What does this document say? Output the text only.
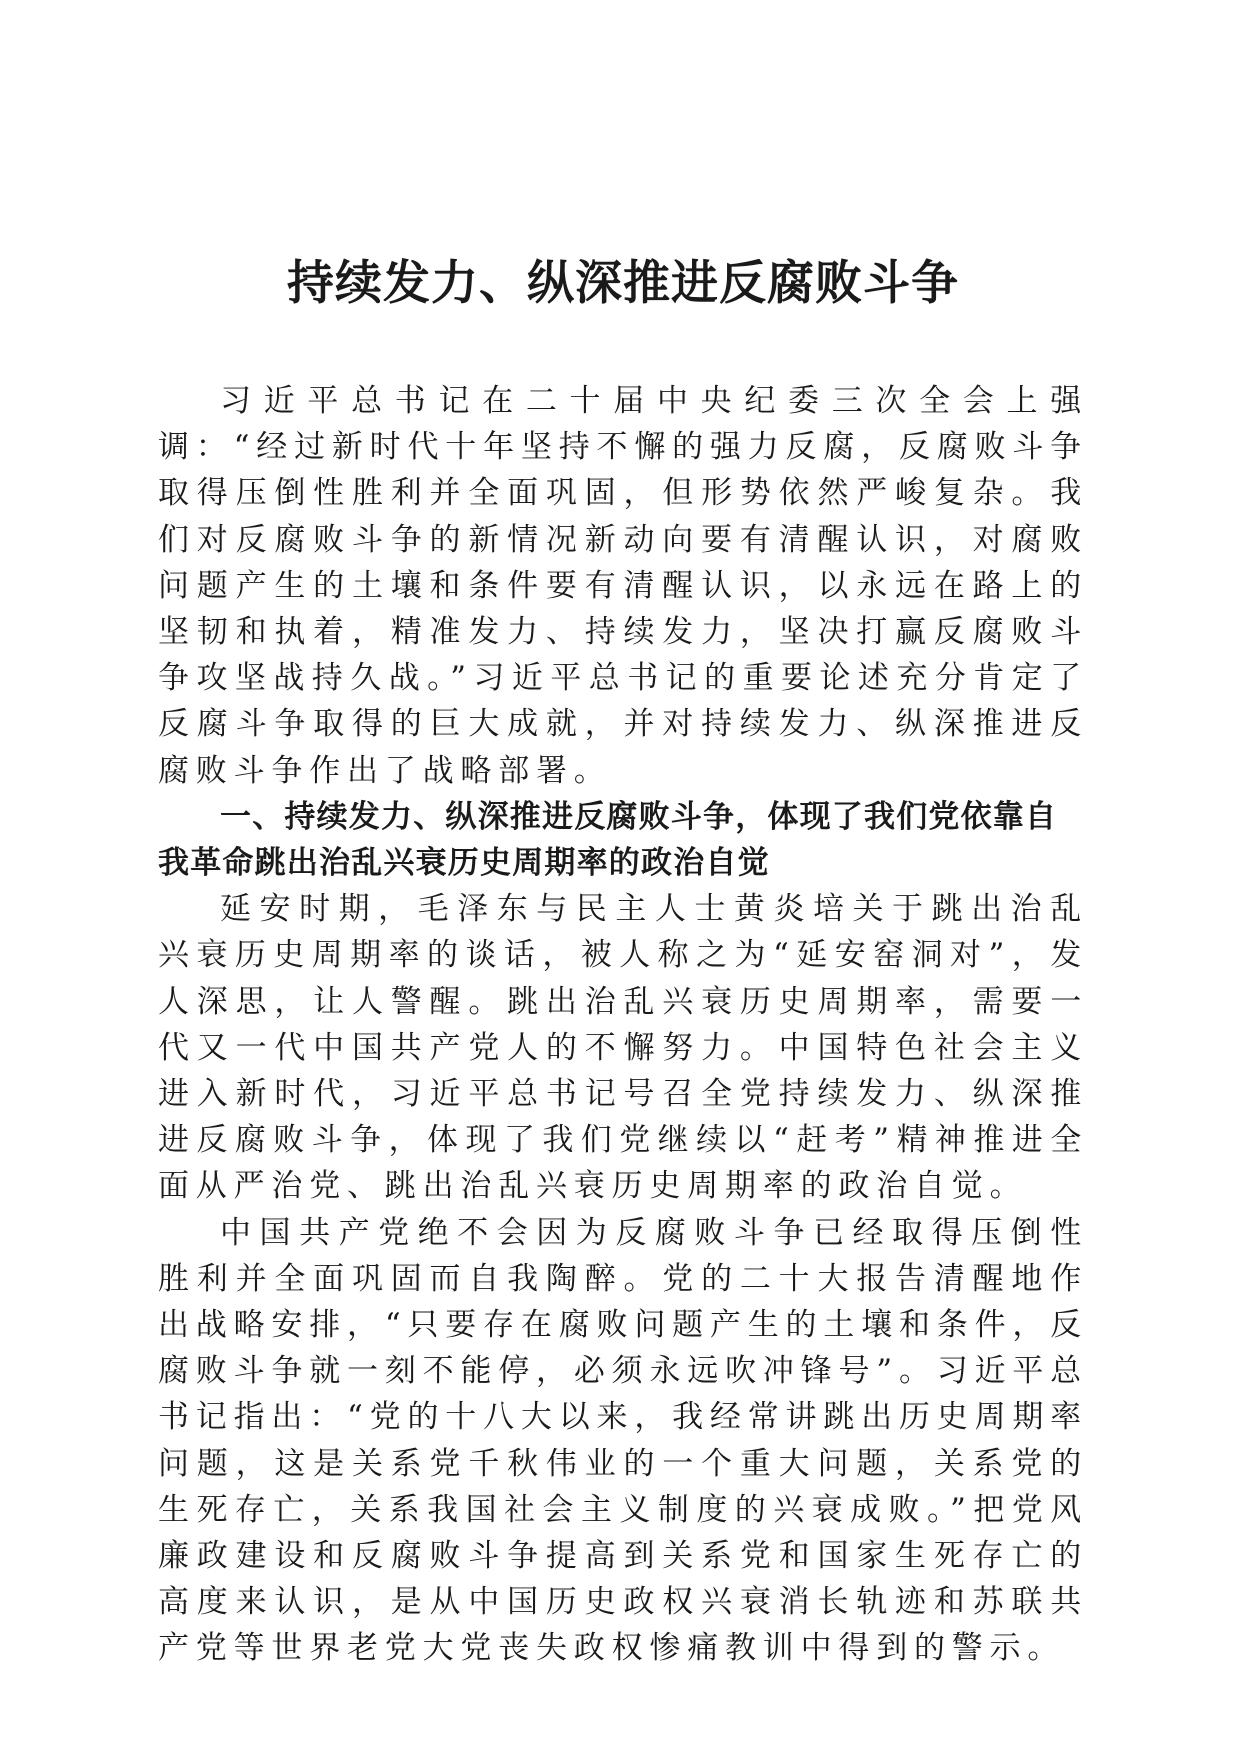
持续发力、纵深推进反腐败斗争

习近平总书记在二十届中央纪委三次全会上强调：“经过新时代十年坚持不懈的强力反腐，反腐败斗争取得压倒性胜利并全面巩固，但形势依然严峻复杂。我们对反腐败斗争的新情况新动向要有清醒认识，对腐败问题产生的土壤和条件要有清醒认识，以永远在路上的坚韧和执着，精准发力、持续发力，坚决打赢反腐败斗争攻坚战持久战。”习近平总书记的重要论述充分肯定了反腐斗争取得的巨大成就，并对持续发力、纵深推进反腐败斗争作出了战略部署。

一、持续发力、纵深推进反腐败斗争，体现了我们党依靠自我革命跳出治乱兴衰历史周期率的政治自觉

延安时期，毛泽东与民主人士黄炎培关于跳出治乱兴衰历史周期率的谈话，被人称之为“延安窑洞对”，发人深思，让人警醒。跳出治乱兴衰历史周期率，需要一代又一代中国共产党人的不懈努力。中国特色社会主义进入新时代，习近平总书记号召全党持续发力、纵深推进反腐败斗争，体现了我们党继续以“赶考”精神推进全面从严治党、跳出治乱兴衰历史周期率的政治自觉。

中国共产党绝不会因为反腐败斗争已经取得压倒性胜利并全面巩固而自我陶醉。党的二十大报告清醒地作出战略安排，“只要存在腐败问题产生的土壤和条件，反腐败斗争就一刻不能停，必须永远吹冲锋号”。习近平总书记指出：“党的十八大以来，我经常讲跳出历史周期率问题，这是关系党千秋伟业的一个重大问题，关系党的生死存亡，关系我国社会主义制度的兴衰成败。”把党风廉政建设和反腐败斗争提高到关系党和国家生死存亡的高度来认识，是从中国历史政权兴衰消长轨迹和苏联共产党等世界老党大党丧失政权惨痛教训中得到的警示。
